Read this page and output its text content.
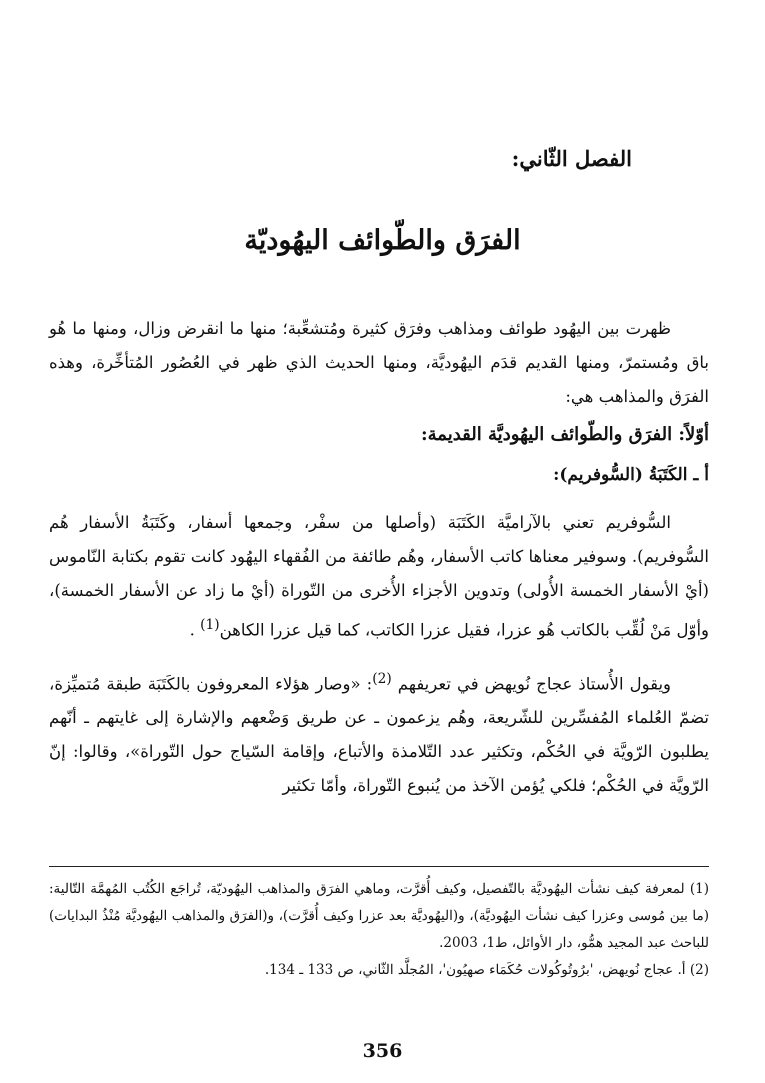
الفصل الثّاني:
الفرَق والطّوائف اليهُوديّة

ظهرت بين اليهُود طوائف ومذاهب وفرَق كثيرة ومُتشعِّبة؛ منها ما انقرض وزال، ومنها ما هُو باق ومُستمرّ، ومنها القديم قدَم اليهُوديَّة، ومنها الحديث الذي ظهر في العُصُور المُتأخِّرة، وهذه الفرَق والمذاهب هي:

أوّلاً: الفرَق والطّوائف اليهُوديَّة القديمة:
أ ـ الكَتَبَةُ (السُّوفريم):

السُّوفريم تعني بالآراميَّة الكَتَبَة (وأصلها من سفْر، وجمعها أسفار، وكَتَبَةُ الأسفار هُم السُّوفريم). وسوفير معناها كاتب الأسفار، وهُم طائفة من الفُقهاء اليهُود كانت تقوم بكتابة النّاموس (أيْ الأسفار الخمسة الأُولى) وتدوين الأجزاء الأُخرى من التّوراة (أيْ ما زاد عن الأسفار الخمسة)، وأوّل مَنْ لُقِّب بالكاتب هُو عزرا، فقيل عزرا الكاتب، كما قيل عزرا الكاهن$^{(1)}$ .

ويقول الأُستاذ عجاج نُويهض في تعريفهم $^{(2)}$: «وصار هؤلاء المعروفون بالكَتَبَة طبقة مُتميِّزة، تضمّ العُلماء المُفسِّرين للشّريعة، وهُم يزعمون ـ عن طريق وَضْعهم والإشارة إلى غايتهم ـ أنّهم يطلبون الرّويَّة في الحُكْم، وتكثير عدد التّلامذة والأتباع، وإقامة السّياج حول التّوراة»، وقالوا: إنّ الرّويَّة في الحُكْم؛ فلكي يُؤمن الآخذ من يُنبوع التّوراة، وأمّا تكثير

(1) لمعرفة كيف نشأت اليهُوديَّة بالتّفصيل، وكيف أُقرَّت، وماهي الفرَق والمذاهب اليهُوديّة، تُراجَع الكُتُب المُهمَّة التّالية: (ما بين مُوسى وعزرا كيف نشأت اليهُوديَّة)، و(اليهُوديَّة بعد عزرا وكيف أُقرَّت)، و(الفرَق والمذاهب اليهُوديَّة مُنْذُ البدايات) للباحث عبد المجيد همُّو، دار الأوائل، ط1، 2003.

(2) أ. عجاج نُويهض، 'برُوتُوكُولات حُكَمَاء صهيُون'، المُجلَّد الثّاني، ص 133 ـ 134.

356
